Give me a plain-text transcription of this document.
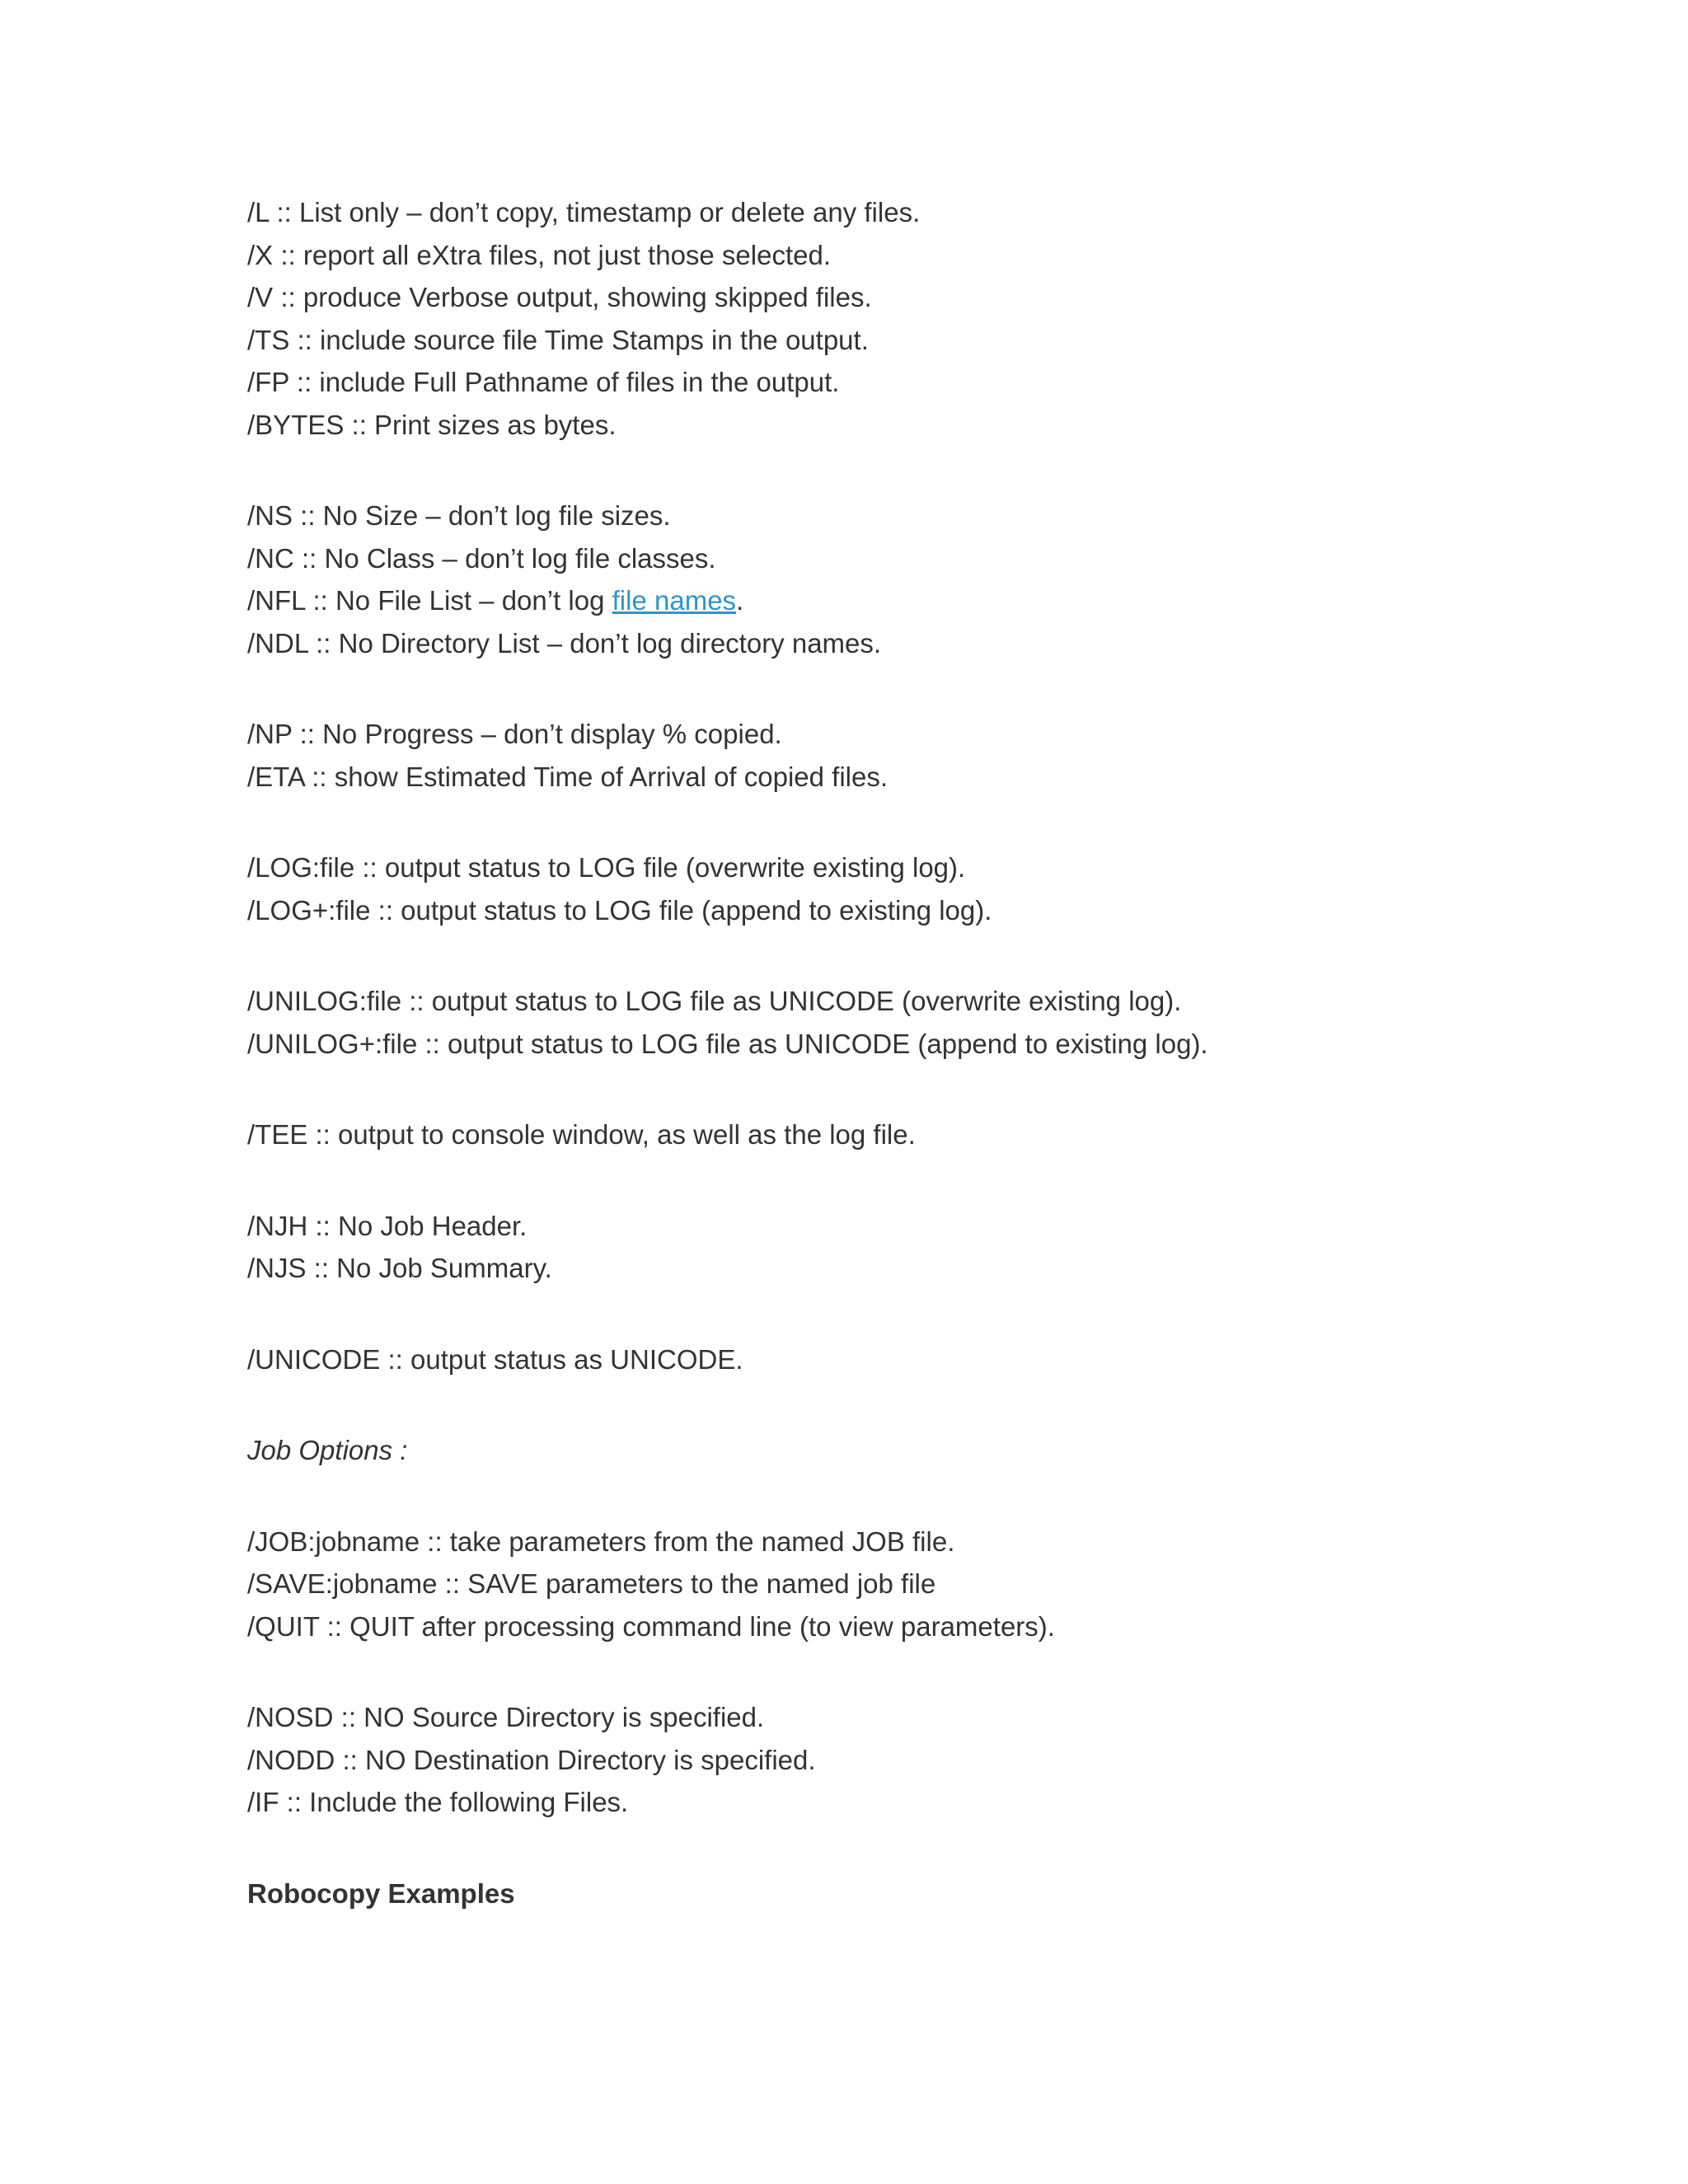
/L :: List only – don’t copy, timestamp or delete any files.
/X :: report all eXtra files, not just those selected.
/V :: produce Verbose output, showing skipped files.
/TS :: include source file Time Stamps in the output.
/FP :: include Full Pathname of files in the output.
/BYTES :: Print sizes as bytes.
/NS :: No Size – don’t log file sizes.
/NC :: No Class – don’t log file classes.
/NFL :: No File List – don’t log file names.
/NDL :: No Directory List – don’t log directory names.
/NP :: No Progress – don’t display % copied.
/ETA :: show Estimated Time of Arrival of copied files.
/LOG:file :: output status to LOG file (overwrite existing log).
/LOG+:file :: output status to LOG file (append to existing log).
/UNILOG:file :: output status to LOG file as UNICODE (overwrite existing log).
/UNILOG+:file :: output status to LOG file as UNICODE (append to existing log).
/TEE :: output to console window, as well as the log file.
/NJH :: No Job Header.
/NJS :: No Job Summary.
/UNICODE :: output status as UNICODE.
Job Options :
/JOB:jobname :: take parameters from the named JOB file.
/SAVE:jobname :: SAVE parameters to the named job file
/QUIT :: QUIT after processing command line (to view parameters).
/NOSD :: NO Source Directory is specified.
/NODD :: NO Destination Directory is specified.
/IF :: Include the following Files.
Robocopy Examples
